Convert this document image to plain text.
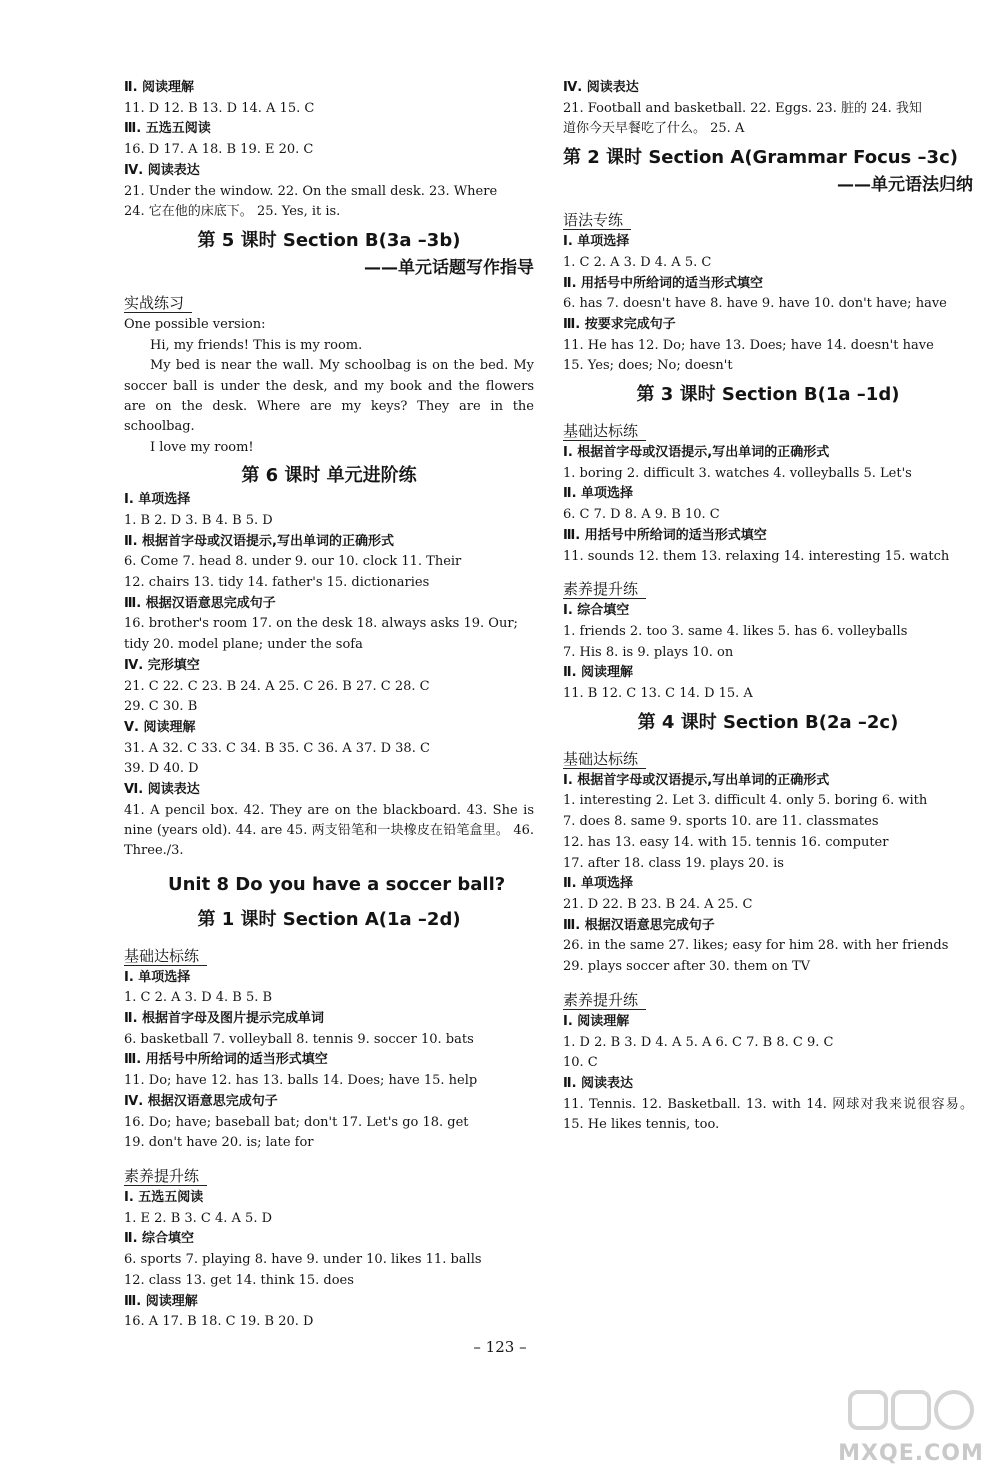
Ⅱ. 阅读理解
11. D 12. B 13. D 14. A 15. C
Ⅲ. 五选五阅读
16. D 17. A 18. B 19. E 20. C
Ⅳ. 阅读表达
21. Under the window. 22. On the small desk. 23. Where
24. 它在他的床底下。 25. Yes, it is.
第 5 课时 Section B(3a –3b)
——单元话题写作指导
实战练习
One possible version:
Hi, my friends! This is my room.
My bed is near the wall. My schoolbag is on the bed. My soccer ball is under the desk, and my book and the flowers are on the desk. Where are my keys? They are in the schoolbag.
I love my room!
第 6 课时 单元进阶练
Ⅰ. 单项选择
1. B 2. D 3. B 4. B 5. D
Ⅱ. 根据首字母或汉语提示,写出单词的正确形式
6. Come 7. head 8. under 9. our 10. clock 11. Their
12. chairs 13. tidy 14. father's 15. dictionaries
Ⅲ. 根据汉语意思完成句子
16. brother's room 17. on the desk 18. always asks 19. Our;
tidy 20. model plane; under the sofa
Ⅳ. 完形填空
21. C 22. C 23. B 24. A 25. C 26. B 27. C 28. C
29. C 30. B
Ⅴ. 阅读理解
31. A 32. C 33. C 34. B 35. C 36. A 37. D 38. C
39. D 40. D
Ⅵ. 阅读表达
41. A pencil box. 42. They are on the blackboard. 43. She is nine (years old). 44. are 45. 两支铅笔和一块橡皮在铅笔盒里。 46. Three./3.
Unit 8 Do you have a soccer ball?
第 1 课时 Section A(1a –2d)
基础达标练
Ⅰ. 单项选择
1. C 2. A 3. D 4. B 5. B
Ⅱ. 根据首字母及图片提示完成单词
6. basketball 7. volleyball 8. tennis 9. soccer 10. bats
Ⅲ. 用括号中所给词的适当形式填空
11. Do; have 12. has 13. balls 14. Does; have 15. help
Ⅳ. 根据汉语意思完成句子
16. Do; have; baseball bat; don't 17. Let's go 18. get
19. don't have 20. is; late for
素养提升练
Ⅰ. 五选五阅读
1. E 2. B 3. C 4. A 5. D
Ⅱ. 综合填空
6. sports 7. playing 8. have 9. under 10. likes 11. balls
12. class 13. get 14. think 15. does
Ⅲ. 阅读理解
16. A 17. B 18. C 19. B 20. D
Ⅳ. 阅读表达
21. Football and basketball. 22. Eggs. 23. 脏的 24. 我知
道你今天早餐吃了什么。 25. A
第 2 课时 Section A(Grammar Focus –3c)
——单元语法归纳
语法专练
Ⅰ. 单项选择
1. C 2. A 3. D 4. A 5. C
Ⅱ. 用括号中所给词的适当形式填空
6. has 7. doesn't have 8. have 9. have 10. don't have; have
Ⅲ. 按要求完成句子
11. He has 12. Do; have 13. Does; have 14. doesn't have
15. Yes; does; No; doesn't
第 3 课时 Section B(1a –1d)
基础达标练
Ⅰ. 根据首字母或汉语提示,写出单词的正确形式
1. boring 2. difficult 3. watches 4. volleyballs 5. Let's
Ⅱ. 单项选择
6. C 7. D 8. A 9. B 10. C
Ⅲ. 用括号中所给词的适当形式填空
11. sounds 12. them 13. relaxing 14. interesting 15. watch
素养提升练
Ⅰ. 综合填空
1. friends 2. too 3. same 4. likes 5. has 6. volleyballs
7. His 8. is 9. plays 10. on
Ⅱ. 阅读理解
11. B 12. C 13. C 14. D 15. A
第 4 课时 Section B(2a –2c)
基础达标练
Ⅰ. 根据首字母或汉语提示,写出单词的正确形式
1. interesting 2. Let 3. difficult 4. only 5. boring 6. with
7. does 8. same 9. sports 10. are 11. classmates
12. has 13. easy 14. with 15. tennis 16. computer
17. after 18. class 19. plays 20. is
Ⅱ. 单项选择
21. D 22. B 23. B 24. A 25. C
Ⅲ. 根据汉语意思完成句子
26. in the same 27. likes; easy for him 28. with her friends
29. plays soccer after 30. them on TV
素养提升练
Ⅰ. 阅读理解
1. D 2. B 3. D 4. A 5. A 6. C 7. B 8. C 9. C
10. C
Ⅱ. 阅读表达
11. Tennis. 12. Basketball. 13. with 14. 网球对我来说很容易。 15. He likes tennis, too.
– 123 –
MXQE.COM
